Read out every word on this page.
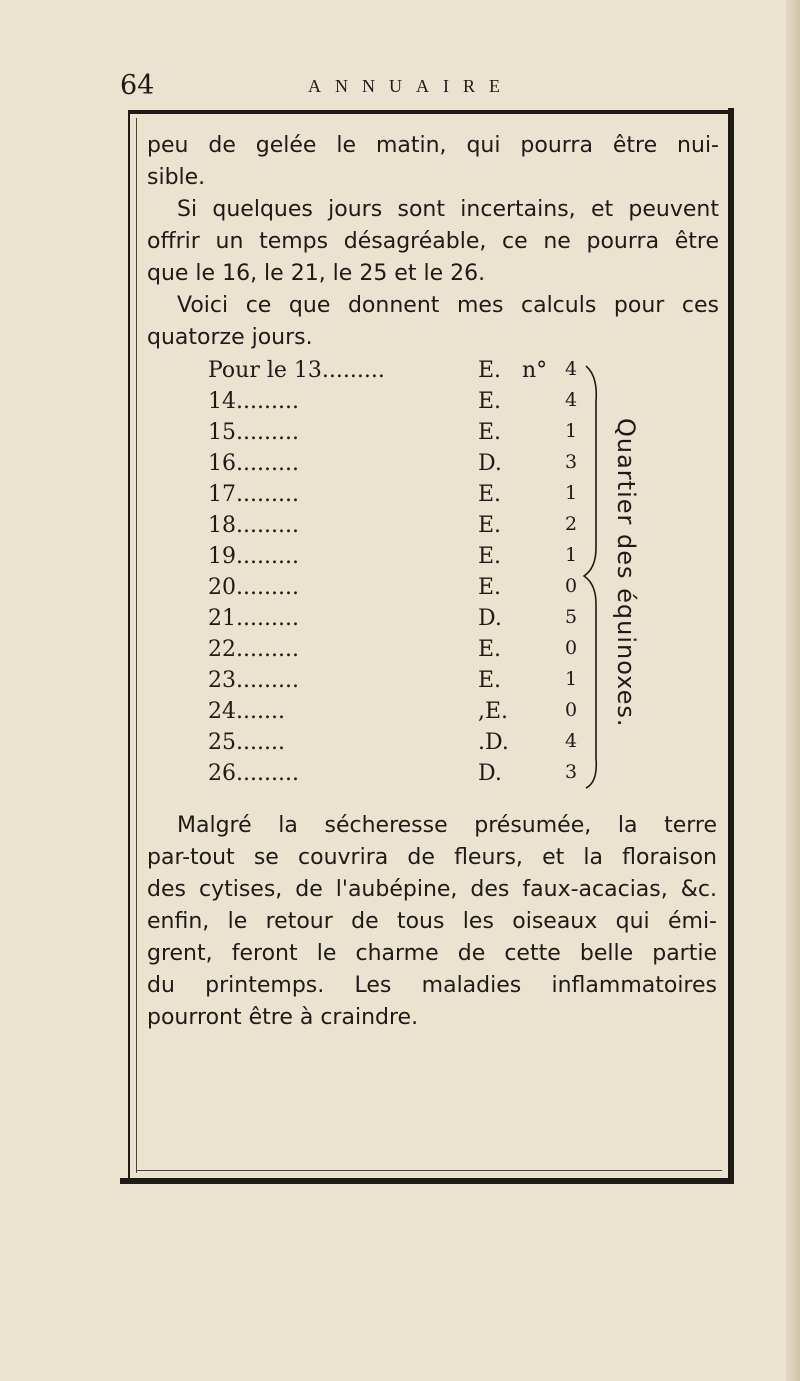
64	ANNUAIRE
peu de gelée le matin, qui pourra être nui-
sible.
Si quelques jours sont incertains, et peuvent
offrir un temps désagréable, ce ne pourra être
que le 16, le 21, le 25 et le 26.
Voici ce que donnent mes calculs pour ces
quatorze jours.
Pour le 13.........	E. n° 4
14.........	E.	4
15.........	E.	1
16.........	D.	3
17.........	E.	1
18.........	E.	2
19.........	E.	1
20.........	E.	0
21.........	D.	5
22.........	E.	0
23.........	E.	1
24.......	,E.	0
25.......	.D.	4
26.........	D.	3
Quartier des équinoxes.
Malgré la sécheresse présumée, la terre
par-tout se couvrira de fleurs, et la floraison
des cytises, de l'aubépine, des faux-acacias, &c.
enfin, le retour de tous les oiseaux qui émi-
grent, feront le charme de cette belle partie
du printemps. Les maladies inflammatoires
pourront être à craindre.
